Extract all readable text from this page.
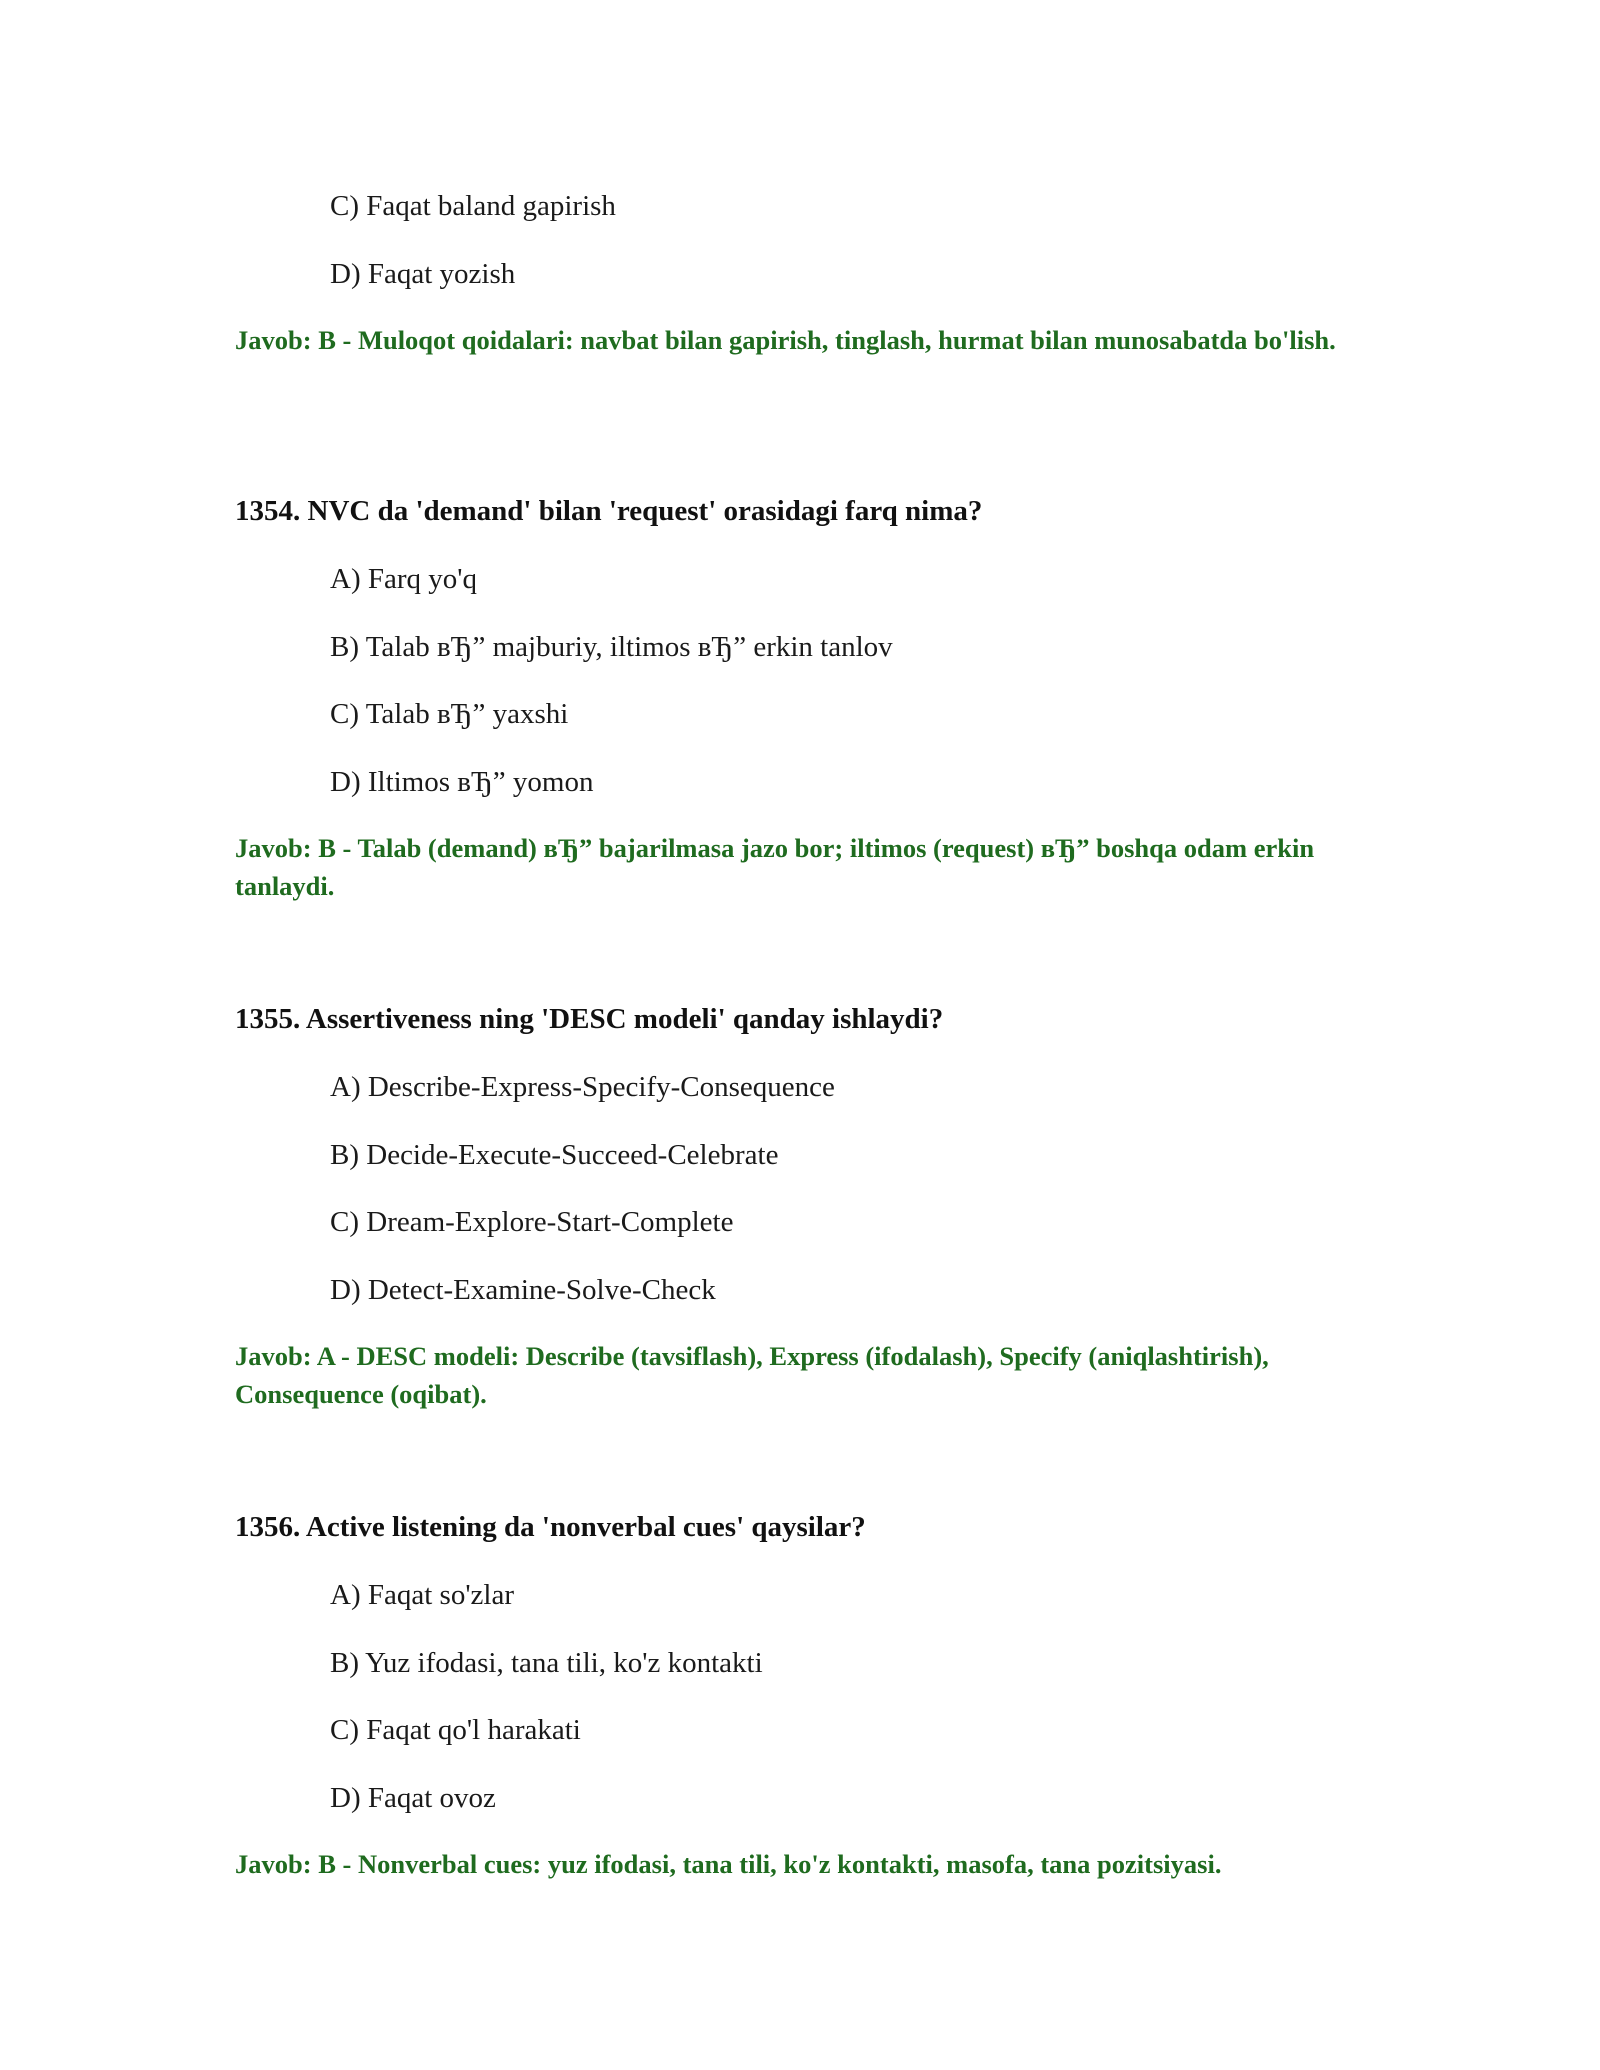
C) Faqat baland gapirish
D) Faqat yozish
Javob: B - Muloqot qoidalari: navbat bilan gapirish, tinglash, hurmat bilan munosabatda bo'lish.
1354. NVC da 'demand' bilan 'request' orasidagi farq nima?
A) Farq yo'q
B) Talab вЂ” majburiy, iltimos вЂ” erkin tanlov
C) Talab вЂ” yaxshi
D) Iltimos вЂ” yomon
Javob: B - Talab (demand) вЂ” bajarilmasa jazo bor; iltimos (request) вЂ” boshqa odam erkin tanlaydi.
1355. Assertiveness ning 'DESC modeli' qanday ishlaydi?
A) Describe-Express-Specify-Consequence
B) Decide-Execute-Succeed-Celebrate
C) Dream-Explore-Start-Complete
D) Detect-Examine-Solve-Check
Javob: A - DESC modeli: Describe (tavsiflash), Express (ifodalash), Specify (aniqlashtirish), Consequence (oqibat).
1356. Active listening da 'nonverbal cues' qaysilar?
A) Faqat so'zlar
B) Yuz ifodasi, tana tili, ko'z kontakti
C) Faqat qo'l harakati
D) Faqat ovoz
Javob: B - Nonverbal cues: yuz ifodasi, tana tili, ko'z kontakti, masofa, tana pozitsiyasi.
